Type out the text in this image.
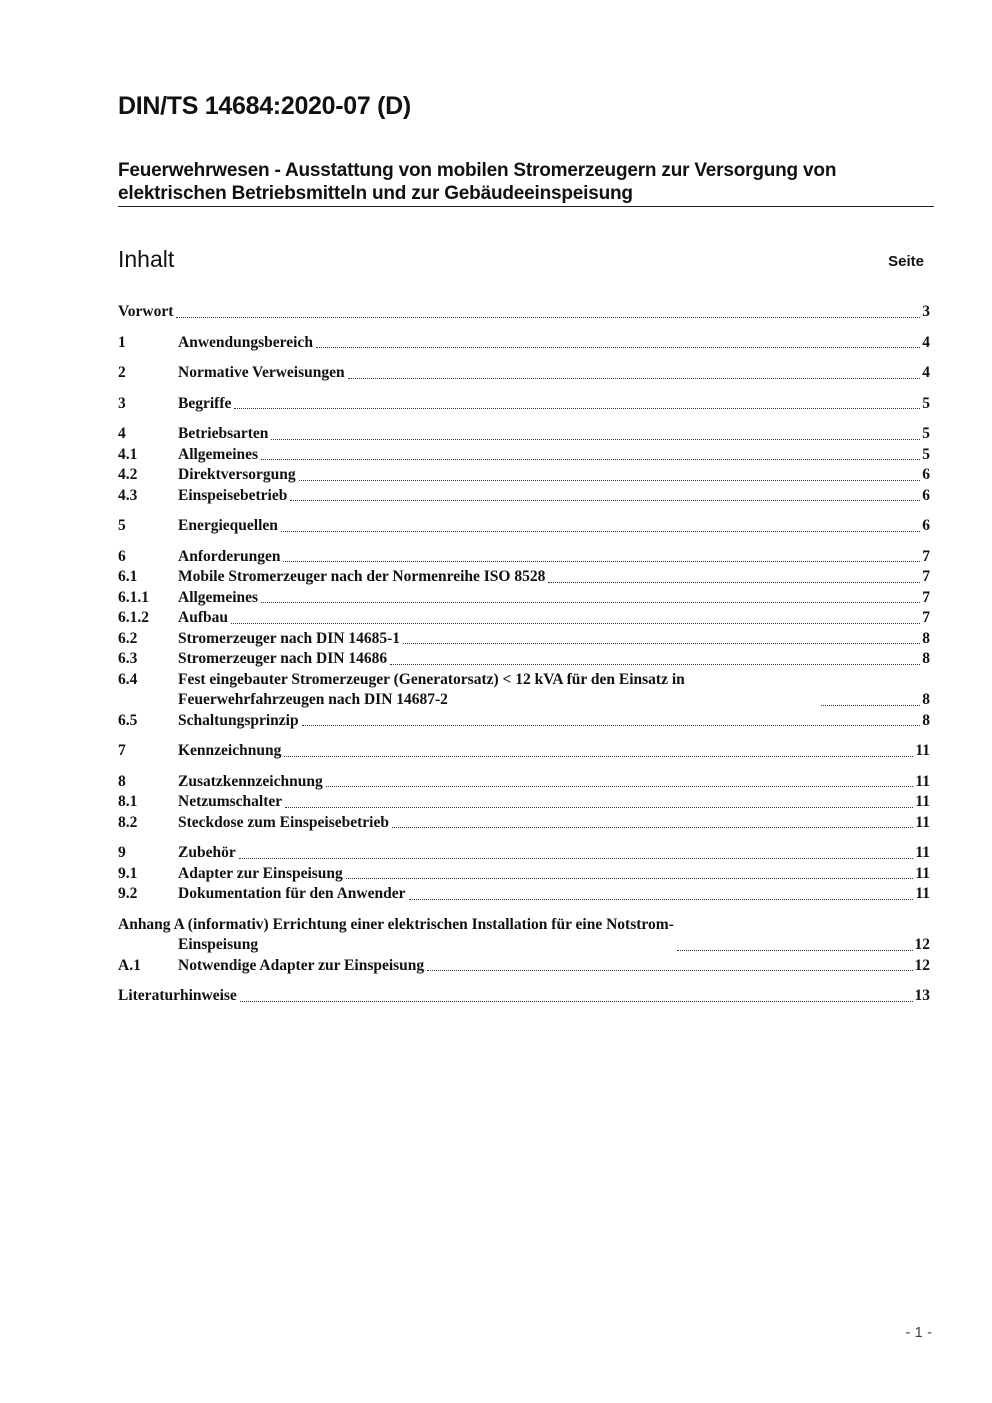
DIN/TS 14684:2020-07 (D)
Feuerwehrwesen - Ausstattung von mobilen Stromerzeugern zur Versorgung von elektrischen Betriebsmitteln und zur Gebäudeeinspeisung
Inhalt	Seite
Vorwort	3
1	Anwendungsbereich	4
2	Normative Verweisungen	4
3	Begriffe	5
4	Betriebsarten	5
4.1	Allgemeines	5
4.2	Direktversorgung	6
4.3	Einspeisebetrieb	6
5	Energiequellen	6
6	Anforderungen	7
6.1	Mobile Stromerzeuger nach der Normenreihe ISO 8528	7
6.1.1	Allgemeines	7
6.1.2	Aufbau	7
6.2	Stromerzeuger nach DIN 14685-1	8
6.3	Stromerzeuger nach DIN 14686	8
6.4	Fest eingebauter Stromerzeuger (Generatorsatz) < 12 kVA für den Einsatz in Feuerwehrfahrzeugen nach DIN 14687-2	8
6.5	Schaltungsprinzip	8
7	Kennzeichnung	11
8	Zusatzkennzeichnung	11
8.1	Netzumschalter	11
8.2	Steckdose zum Einspeisebetrieb	11
9	Zubehör	11
9.1	Adapter zur Einspeisung	11
9.2	Dokumentation für den Anwender	11
Anhang A (informativ) Errichtung einer elektrischen Installation für eine Notstrom-
Einspeisung	12
A.1	Notwendige Adapter zur Einspeisung	12
Literaturhinweise	13
- 1 -
